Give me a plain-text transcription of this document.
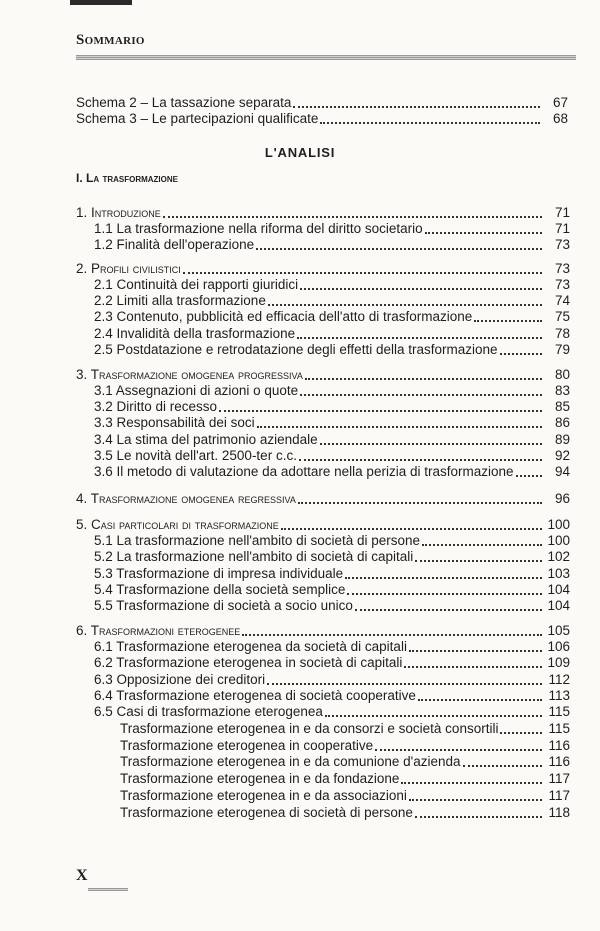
Sommario
Schema 2 – La tassazione separata	67
Schema 3 – Le partecipazioni qualificate	68
1. Introduzione	71
1.1 La trasformazione nella riforma del diritto societario	71
1.2 Finalità dell'operazione	73
2. Profili civilistici	73
2.1 Continuità dei rapporti giuridici	73
2.2 Limiti alla trasformazione	74
2.3 Contenuto, pubblicità ed efficacia dell'atto di trasformazione	75
2.4 Invalidità della trasformazione	78
2.5 Postdatazione e retrodatazione degli effetti della trasformazione	79
3. Trasformazione omogenea progressiva	80
3.1 Assegnazioni di azioni o quote	83
3.2 Diritto di recesso	85
3.3 Responsabilità dei soci	86
3.4 La stima del patrimonio aziendale	89
3.5 Le novità dell'art. 2500-ter c.c.	92
3.6 Il metodo di valutazione da adottare nella perizia di trasformazione	94
4. Trasformazione omogenea regressiva	96
5. Casi particolari di trasformazione	100
5.1 La trasformazione nell'ambito di società di persone	100
5.2 La trasformazione nell'ambito di società di capitali	102
5.3 Trasformazione di impresa individuale	103
5.4 Trasformazione della società semplice	104
5.5 Trasformazione di società a socio unico	104
6. Trasformazioni eterogenee	105
6.1 Trasformazione eterogenea da società di capitali	106
6.2 Trasformazione eterogenea in società di capitali	109
6.3 Opposizione dei creditori	112
6.4 Trasformazione eterogenea di società cooperative	113
6.5 Casi di trasformazione eterogenea	115
Trasformazione eterogenea in e da consorzi e società consortili	115
Trasformazione eterogenea in cooperative	116
Trasformazione eterogenea in e da comunione d'azienda	116
Trasformazione eterogenea in e da fondazione	117
Trasformazione eterogenea in e da associazioni	117
Trasformazione eterogenea di società di persone	118
L'ANALISI
I. La trasformazione
X
